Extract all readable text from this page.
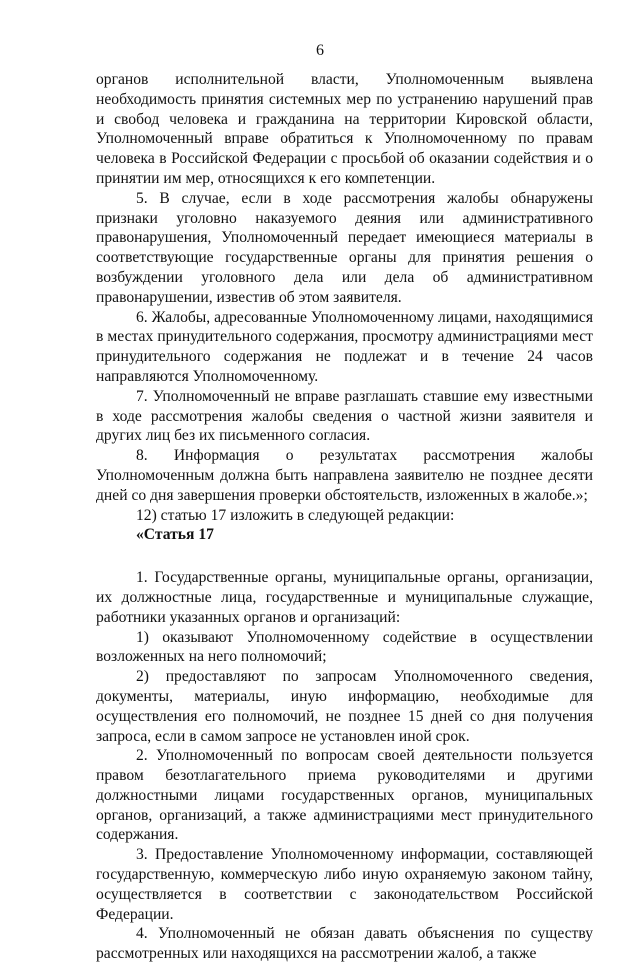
6

органов исполнительной власти, Уполномоченным выявлена необходимость принятия системных мер по устранению нарушений прав и свобод человека и гражданина на территории Кировской области, Уполномоченный вправе обратиться к Уполномоченному по правам человека в Российской Федерации с просьбой об оказании содействия и о принятии им мер, относящихся к его компетенции.

5. В случае, если в ходе рассмотрения жалобы обнаружены признаки уголовно наказуемого деяния или административного правонарушения, Уполномоченный передает имеющиеся материалы в соответствующие государственные органы для принятия решения о возбуждении уголовного дела или дела об административном правонарушении, известив об этом заявителя.

6. Жалобы, адресованные Уполномоченному лицами, находящимися в местах принудительного содержания, просмотру администрациями мест принудительного содержания не подлежат и в течение 24 часов направляются Уполномоченному.

7. Уполномоченный не вправе разглашать ставшие ему известными в ходе рассмотрения жалобы сведения о частной жизни заявителя и других лиц без их письменного согласия.

8. Информация о результатах рассмотрения жалобы Уполномоченным должна быть направлена заявителю не позднее десяти дней со дня завершения проверки обстоятельств, изложенных в жалобе.»;

12) статью 17 изложить в следующей редакции:

«Статья 17

1. Государственные органы, муниципальные органы, организации, их должностные лица, государственные и муниципальные служащие, работники указанных органов и организаций:

1) оказывают Уполномоченному содействие в осуществлении возложенных на него полномочий;

2) предоставляют по запросам Уполномоченного сведения, документы, материалы, иную информацию, необходимые для осуществления его полномочий, не позднее 15 дней со дня получения запроса, если в самом запросе не установлен иной срок.

2. Уполномоченный по вопросам своей деятельности пользуется правом безотлагательного приема руководителями и другими должностными лицами государственных органов, муниципальных органов, организаций, а также администрациями мест принудительного содержания.

3. Предоставление Уполномоченному информации, составляющей государственную, коммерческую либо иную охраняемую законом тайну, осуществляется в соответствии с законодательством Российской Федерации.

4. Уполномоченный не обязан давать объяснения по существу рассмотренных или находящихся на рассмотрении жалоб, а также
